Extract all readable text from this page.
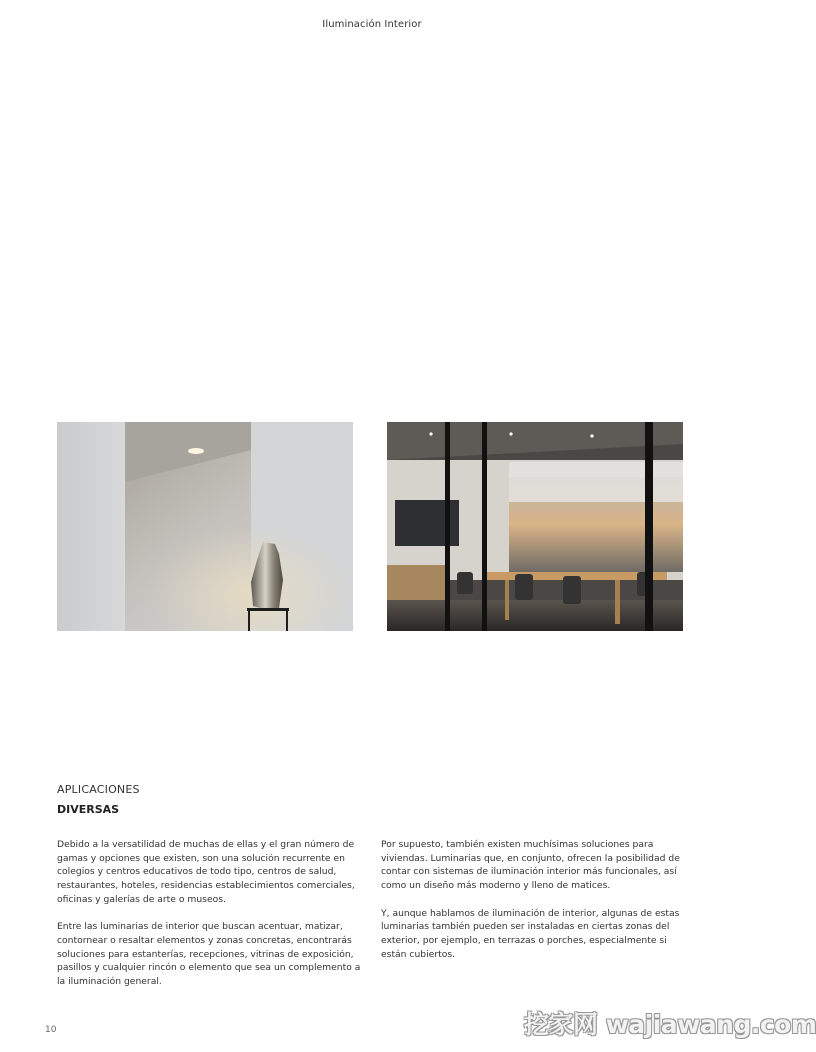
Iluminación Interior
APLICACIONES
DIVERSAS

Debido a la versatilidad de muchas de ellas y el gran número de gamas y opciones que existen, son una solución recurrente en colegios y centros educativos de todo tipo, centros de salud, restaurantes, hoteles, residencias establecimientos comerciales, oficinas y galerías de arte o museos.

Entre las luminarias de interior que buscan acentuar, matizar, contornear o resaltar elementos y zonas concretas, encontrarás soluciones para estanterías, recepciones, vitrinas de exposición, pasillos y cualquier rincón o elemento que sea un complemento a la iluminación general.

Por supuesto, también existen muchísimas soluciones para viviendas. Luminarias que, en conjunto, ofrecen la posibilidad de contar con sistemas de iluminación interior más funcionales, así como un diseño más moderno y lleno de matices.

Y, aunque hablamos de iluminación de interior, algunas de estas luminarias también pueden ser instaladas en ciertas zonas del exterior, por ejemplo, en terrazas o porches, especialmente si están cubiertos.

10	挖家网 wajiawang.com
